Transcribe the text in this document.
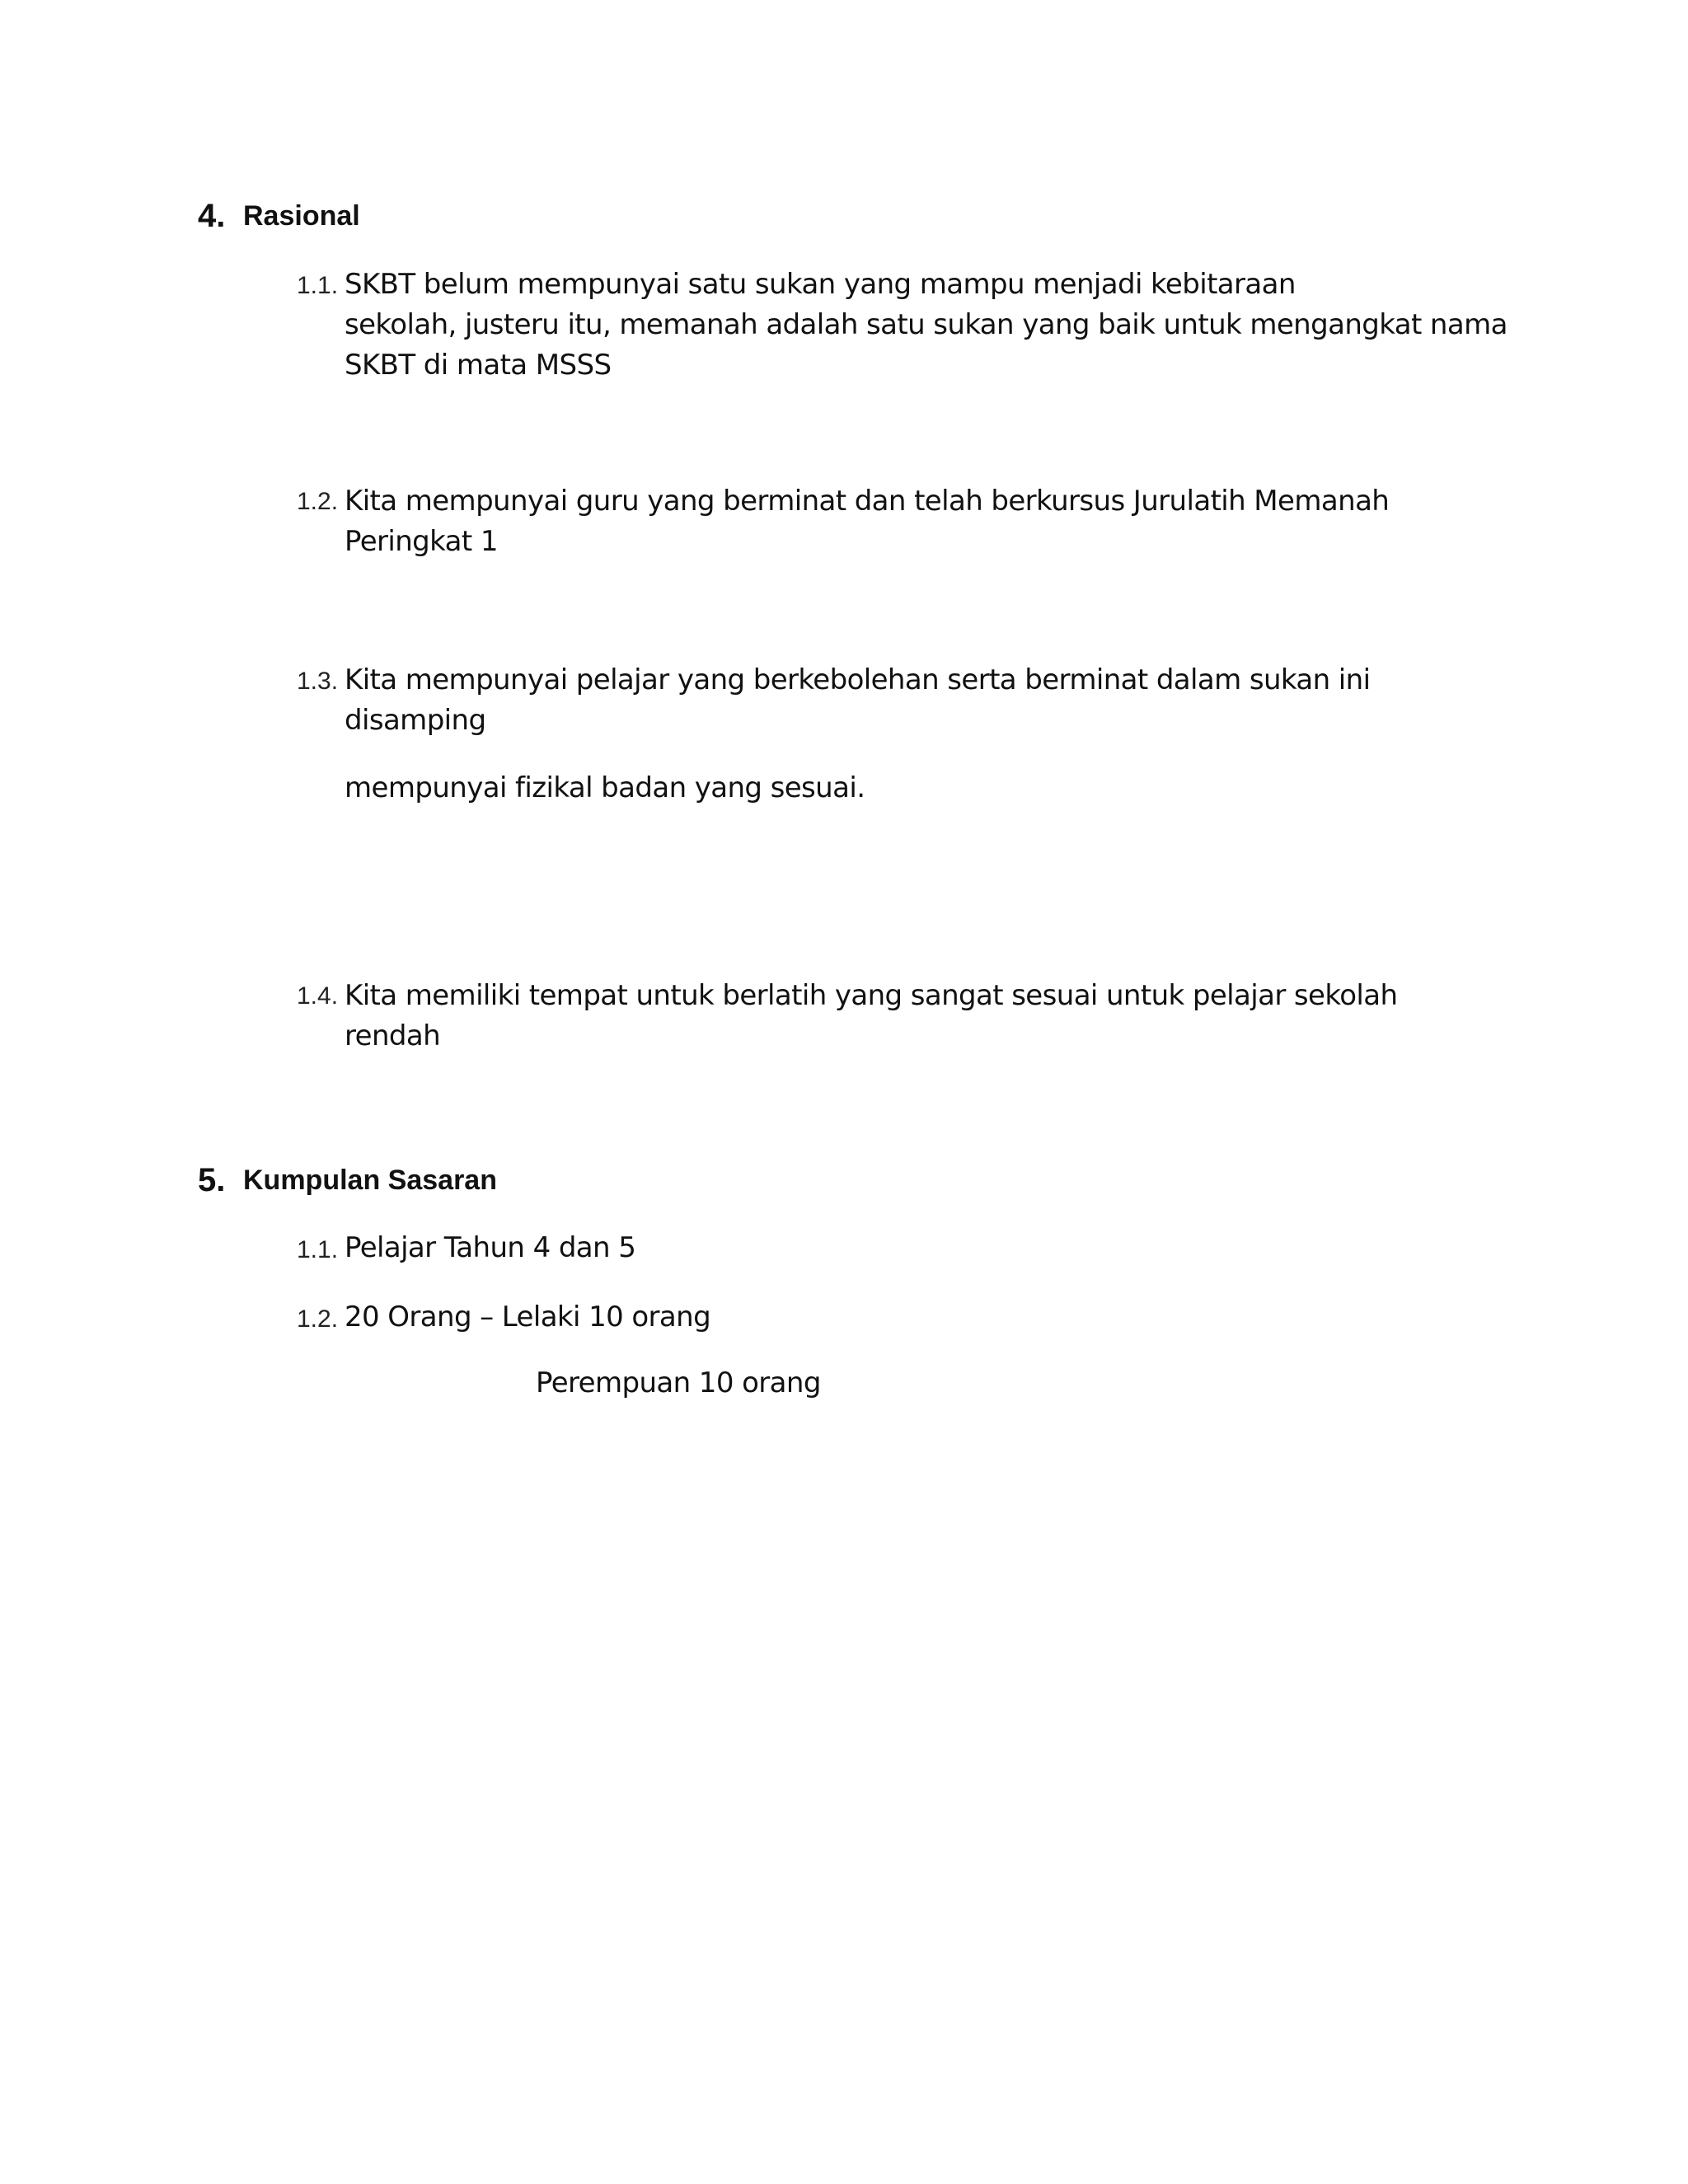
4. Rasional
1.1. SKBT belum mempunyai satu sukan yang mampu menjadi kebitaraan
sekolah, justeru itu, memanah adalah satu sukan yang baik untuk mengangkat nama
SKBT di mata MSSS
1.2. Kita mempunyai guru yang berminat dan telah berkursus Jurulatih Memanah
Peringkat 1
1.3. Kita mempunyai pelajar yang berkebolehan serta berminat dalam sukan ini
disamping
mempunyai fizikal badan yang sesuai.
1.4. Kita memiliki tempat untuk berlatih yang sangat sesuai untuk pelajar sekolah
rendah
5. Kumpulan Sasaran
1.1. Pelajar Tahun 4 dan 5
1.2. 20 Orang – Lelaki 10 orang
Perempuan 10 orang
